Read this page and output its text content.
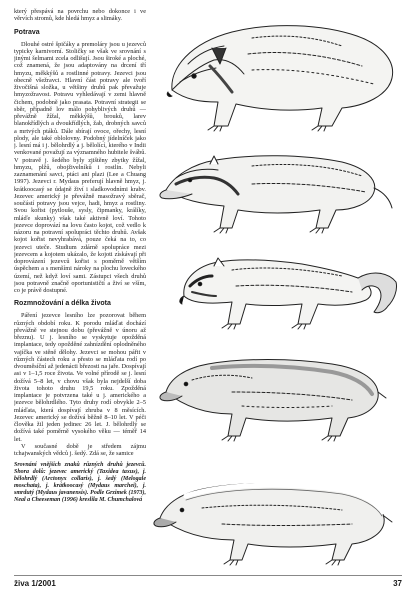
který přespává na povrchu nebo dokonce i ve věrvích stromů, kde hledá hmyz a slimáky.

Potrava

Dlouhé ostré špičáky a premoláry jsou u jezevců typicky karnivorní. Stoličky se však ve srovnání s jinými šelmami zcela odlišují. Jsou široké a ploché, což znamená, že jsou adaptovány na drcení tří hmyzu, měkkýšů a rostlinné potravy. Jezevci jsou obecně všežravci. Hlavní část potravy ale tvoří živočišná složka, u většiny druhů pak převažuje hmyzožravost. Potravu vyhledávají v zemi hlavně čichem, podobně jako prasata. Potravní strategii se sběr, případně lov málo pohyblivých druhů — převážně žížal, měkkýšů, brouků, larev blanokřídlých a dvoukřídlých, žab, drobných savců a mrtvých ptáků. Dále sbírají ovoce, ořechy, lesní plody, ale také oblolovny. Podobný jídelníček jako j. lesní má i j. bělohrdlý a j. bělolící, kterého v Indii venkované považují za významného hubitele švábů. V potravě j. šedého byly zjištěny zbytky žížal, hmyzu, plžů, obojživelníků i rostlin. Nebyli zaznamenání savci, ptáci ani plazi (Lee a Chuang 1997). Jezevci r. Mydaus preferují hlavně hmyz, j. krátkoocasý se údajně živí i sladkovodními krabv. Jezevec americký je převážně masožravý sběrač, součástí potravy jsou vejce, hadi, hmyz a rostliny. Svou kořist (pytlouše, sysly, čipmanky, králíky, mláďe skunky) však také aktivně loví. Tohoto jezevce doprovází na lovu často kojot, což vedlo k názoru na potravní spolupráci těchto druhů. Avšak kojot kořist nevyhrabává, pouze čeká na to, co jezevci uteče. Studium zdárně spolupráce mezi jezevcem a kojotem ukázalo, že kojoti získávají při doprovázení jezevců kořist s poměrně větším úspěchem a s menšími nároky na plochu loveckého území, než když loví sami. Zástupci všech druhů jsou potravně značně oportunističtí a živí se vším, co je právě dostupné.

Rozmnožování a délka života

Páření jezevce lesního lze pozorovat během různých období roku. K porodu mláďat dochází převážně ve stejnou dobu (převážně v únoru až březnu). U j. lesního se vyskytuje opožděná implantace, tedy opožděné zahnízdění oplodněného vajíčka ve stěně dělohy. Jezevci se mohou pářit v různých částech roku a přesto se mláďata rodí po dvouměsíční až jedenácti březosti na jaře. Dospívají asi v 1–1,5 roce života. Ve volné přírodě se j. lesní dožívá 5–8 let, v chovu však byla nejdelší doba života tohoto druhu 19,5 roku. Zpožděná implantace je potvrzena také u j. amerického a jezevce bělohrdlého. Tyto druhy rodí obvykle 2–5 mláďata, která dospívají zhruba v 8 měsících. Jezevec americký se dožívá běžně 8–10 let. V péči člověka žil jeden jedinec 26 let. J. bělohrdlý se dožívá také poměrně vysokého věku — téměř 14 let.

V současné době je středem zájmu tchajwanských vědců j. šedý. Zdá se, že samice

Srovnání vnějších znaků různých druhů jezevců. Shora dolů: jezevec americký (Taxidea taxus), j. bělohrdlý (Arctonyx collaris), j. šedý (Melogale moschata), j. krátkoocasý (Mydaus marchei), j. smrdutý (Mydaus javanensis). Podle Grzimek (1973), Neal a Cheeseman (1996) kreslila M. Chumchalová

živa 1/2001	37
